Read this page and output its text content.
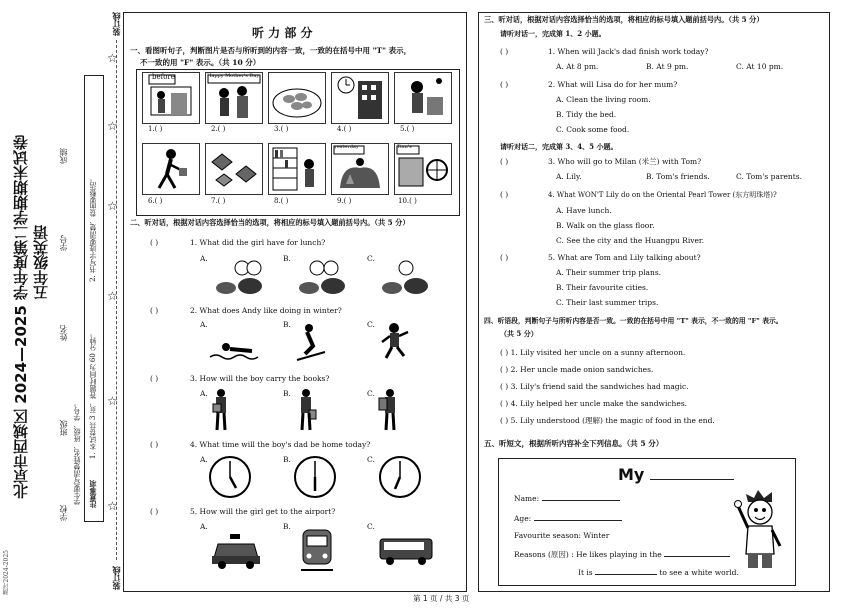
装订线
装订线
☆
☆
☆
☆
☆
☆
北京市西城区 2024—2025 学年度第二学期期末试卷 五年级英语
注意事项
1. 本试卷共 3 页，答题时间为 60 分钟。
2. 书写字迹要清楚、卷面要整洁。
学生要写清楚姓名、班级、学号。
学校
班级
姓名
学号
成绩
测评2024-2025
听 力 部 分
一、看图听句子，判断图片是否与所听到的内容一致，一致的在括号中用 "T" 表示，
不一致的用 "F" 表示。（共 10 分）
before	Happy Mother's Day
1.( )	2.( )	3.( )	4.( )	5.( )
yesterday	Tom's
6.( )	7.( )	8.( )	9.( )	10.( )
二、听对话，根据对话内容选择恰当的选项，将相应的标号填入题前括号内。（共 5 分）
( )	1. What did the girl have for lunch?
A.	B.	C.
( )	2. What does Andy like doing in winter?
A.	B.	C.
( )	3. How will the boy carry the books?
A.	B.	C.
( )	4. What time will the boy's dad be home today?
A.	B.	C.
( )	5. How will the girl get to the airport?
A.	B.	C.
三、听对话，根据对话内容选择恰当的选项，将相应的标号填入题前括号内。（共 5 分）
请听对话一，完成第 1、2 小题。
( )	1. When will Jack's dad finish work today?
A. At 8 pm.	B. At 9 pm.	C. At 10 pm.
( )	2. What will Lisa do for her mum?
A. Clean the living room.
B. Tidy the bed.
C. Cook some food.
请听对话二，完成第 3、4、5 小题。
( )	3. Who will go to Milan (米兰) with Tom?
A. Lily.	B. Tom's friends.	C. Tom's parents.
( )	4. What WON'T Lily do on the Oriental Pearl Tower (东方明珠塔)?
A. Have lunch.
B. Walk on the glass floor.
C. See the city and the Huangpu River.
( )	5. What are Tom and Lily talking about?
A. Their summer trip plans.
B. Their favourite cities.
C. Their last summer trips.
四、听语段，判断句子与所听内容是否一致。一致的在括号中用 "T" 表示，不一致的用 "F" 表示。
（共 5 分）
( ) 1. Lily visited her uncle on a sunny afternoon.
( ) 2. Her uncle made onion sandwiches.
( ) 3. Lily's friend said the sandwiches had magic.
( ) 4. Lily helped her uncle make the sandwiches.
( ) 5. Lily understood (理解) the magic of food in the end.
五、听短文，根据所听内容补全下列信息。（共 5 分）
My
Name:
Age:
Favourite season: Winter
Reasons (原因) : He likes playing in the
It is	to see a white world.
第 1 页 / 共 3 页
